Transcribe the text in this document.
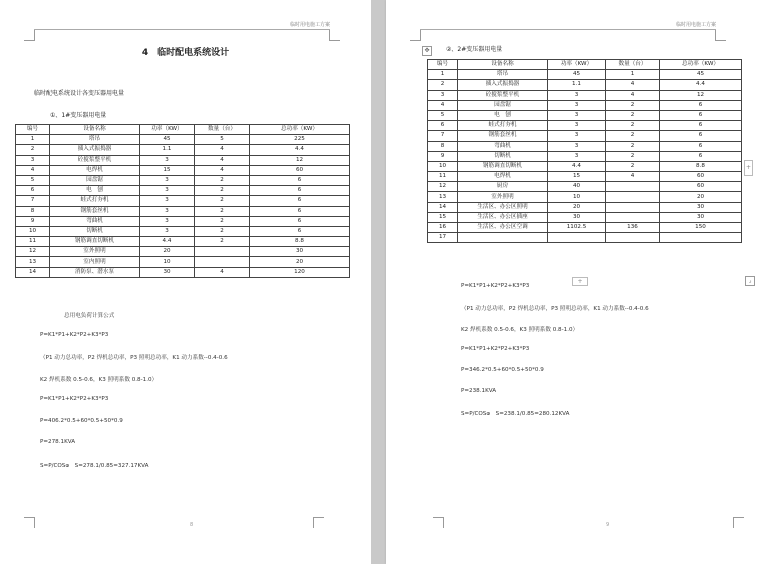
临时用电施工方案
4　临时配电系统设计
临时配电系统设计各变压器用电量
①、1#变压器用电量
编号	设备名称	功率（KW）	数量（台）	总功率（KW）
1	塔吊	45	5	225
2	插入式振捣器	1.1	4	4.4
3	砼搅浆整平机	3	4	12
4	电焊机	15	4	60
5	园盘锯	3	2	6
6	电　刨	3	2	6
7	蛙式打夯机	3	2	6
8	钢筋套丝机	3	2	6
9	弯曲机	3	2	6
10	切断机	3	2	6
11	钢筋调直切断机	4.4	2	8.8
12	室外照明	20		30
13	室内照明	10		20
14	消防泵、潜水泵	30	4	120
总用电负荷计算公式
P=K1*P1+K2*P2+K3*P3
（P1 动力总功率，P2 焊机总功率，P3 照明总功率，K1 动力系数--0.4-0.6
K2 焊机系数 0.5-0.6，K3 照明系数 0.8-1.0）
P=K1*P1+K2*P2+K3*P3
P=406.2*0.5+60*0.5+50*0.9
P=278.1KVA
S=P/COSⱷ　S=278.1/0.85=327.17KVA
8
临时用电施工方案
✥	②、2#变压器用电量
编号	设备名称	功率（KW）	数量（台）	总功率（KW）
1	塔吊	45	1	45
2	插入式振捣器	1.1	4	4.4
3	砼搅浆整平机	3	4	12
4	园盘锯	3	2	6
5	电　刨	3	2	6
6	蛙式打夯机	3	2	6
7	钢筋套丝机	3	2	6
8	弯曲机	3	2	6
9	切断机	3	2	6
10	钢筋调直切断机	4.4	2	8.8
11	电焊机	15	4	60
12	厨房	40		60
13	室外照明	10		20
14	生活区、办公区照明	20		30
15	生活区、办公区插座	30		30
16	生活区、办公区空调	1102.5	136	150
17				
+
+
⌟
P=K1*P1+K2*P2+K3*P3
（P1 动力总功率，P2 焊机总功率，P3 照明总功率，K1 动力系数--0.4-0.6
K2 焊机系数 0.5-0.6，K3 照明系数 0.8-1.0）
P=K1*P1+K2*P2+K3*P3
P=346.2*0.5+60*0.5+50*0.9
P=238.1KVA
S=P/COSⱷ　S=238.1/0.85=280.12KVA
9
